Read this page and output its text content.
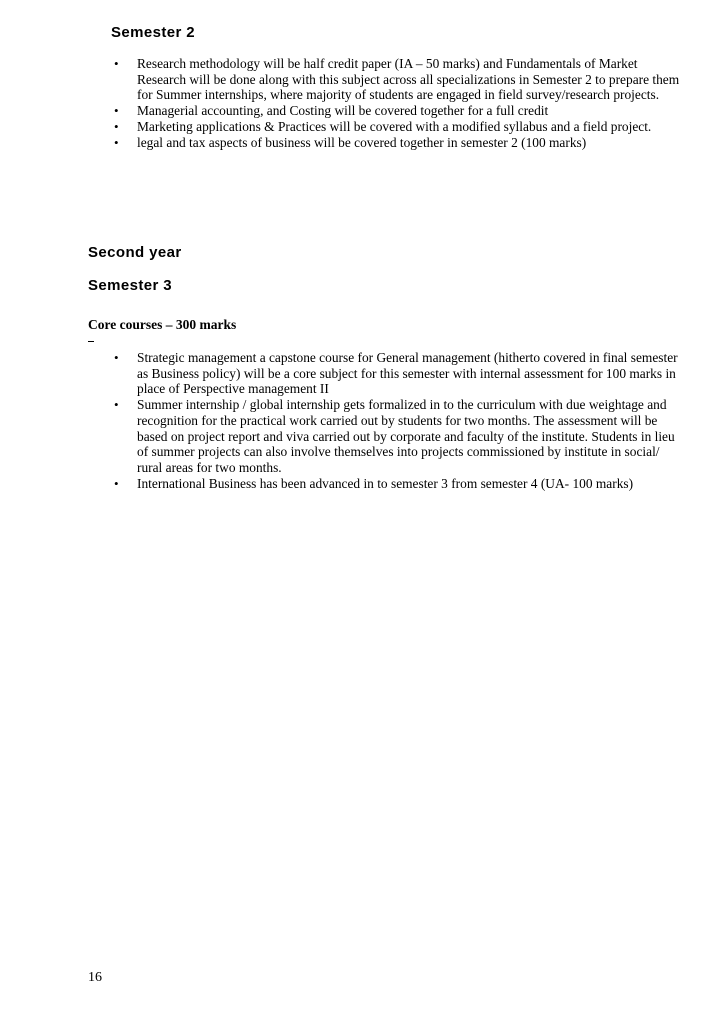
Semester 2
• Research methodology will be half credit paper (IA – 50 marks) and Fundamentals of Market Research will be done along with this subject across all specializations in Semester 2 to prepare them for Summer internships, where majority of students are engaged in field survey/research projects.
• Managerial accounting, and Costing will be covered together for a full credit
• Marketing applications & Practices will be covered with a modified syllabus and a field project.
• legal and tax aspects of business will be covered together in semester 2 (100 marks)
Second year
Semester 3

Core courses – 300 marks

• Strategic management a capstone course for General management (hitherto covered in final semester as Business policy) will be a core subject for this semester with internal assessment for 100 marks in place of Perspective management II
• Summer internship / global internship gets formalized in to the curriculum with due weightage and recognition for the practical work carried out by students for two months. The assessment will be based on project report and viva carried out by corporate and faculty of the institute. Students in lieu of summer projects can also involve themselves into projects commissioned by institute in social/ rural areas for two months.
• International Business has been advanced in to semester 3 from semester 4 (UA- 100 marks)

16
